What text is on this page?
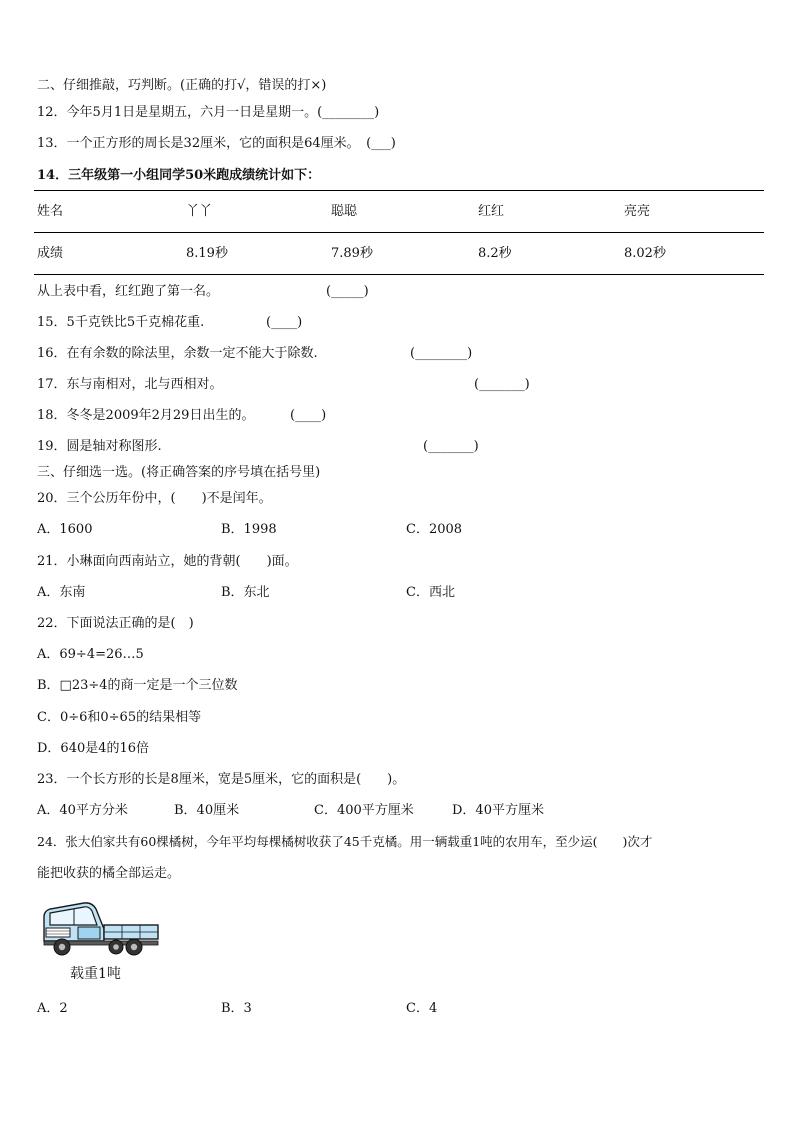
二、仔细推敲，巧判断。(正确的打√，错误的打×)
12．今年5月1日是星期五，六月一日是星期一。(________)
13．一个正方形的周长是32厘米，它的面积是64厘米。　(___)
14．三年级第一小组同学50米跑成绩统计如下：
姓名	丫丫	聪聪	红红	亮亮
成绩	8.19秒	7.89秒	8.2秒	8.02秒
从上表中看，红红跑了第一名。	(_____)
15．5千克铁比5千克棉花重.	(____)
16．在有余数的除法里，余数一定不能大于除数.	(________)
17．东与南相对，北与西相对。	(_______)
18．冬冬是2009年2月29日出生的。	(____)
19．圆是轴对称图形.	(_______)
三、仔细选一选。(将正确答案的序号填在括号里)
20．三个公历年份中，(　　)不是闰年。
A．1600	B．1998	C．2008
21．小琳面向西南站立，她的背朝(　　)面。
A．东南	B．东北	C．西北
22．下面说法正确的是(　)
A．69÷4=26…5
B．□23÷4的商一定是一个三位数
C．0÷6和0÷65的结果相等
D．640是4的16倍
23．一个长方形的长是8厘米，宽是5厘米，它的面积是(　　)。
A．40平方分米	B．40厘米	C．400平方厘米	D．40平方厘米
24．张大伯家共有60棵橘树，今年平均每棵橘树收获了45千克橘。用一辆载重1吨的农用车，至少运(　　)次才
能把收获的橘全部运走。
载重1吨
A．2	B．3	C．4
